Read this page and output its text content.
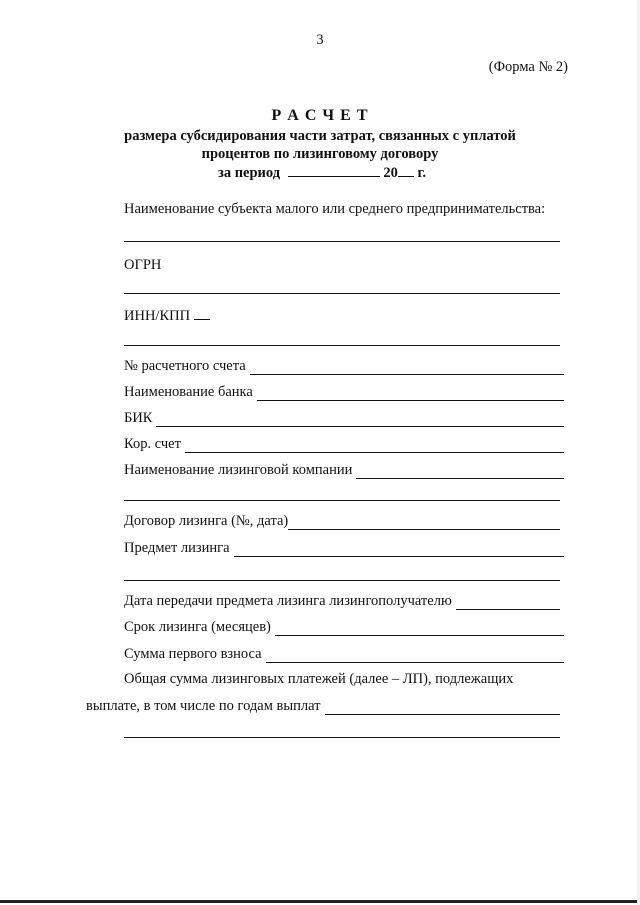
3
(Форма № 2)
Р А С Ч Е Т
размера субсидирования части затрат, связанных с уплатой
процентов по лизинговому договору
за период	20 г.
Наименование субъекта малого или среднего предпринимательства:
ОГРН
ИНН/КПП
№ расчетного счета
Наименование банка
БИК
Кор. счет
Наименование лизинговой компании
Договор лизинга (№, дата)
Предмет лизинга
Дата передачи предмета лизинга лизингополучателю
Срок лизинга (месяцев)
Сумма первого взноса
Общая сумма лизинговых платежей (далее – ЛП), подлежащих
выплате, в том числе по годам выплат
